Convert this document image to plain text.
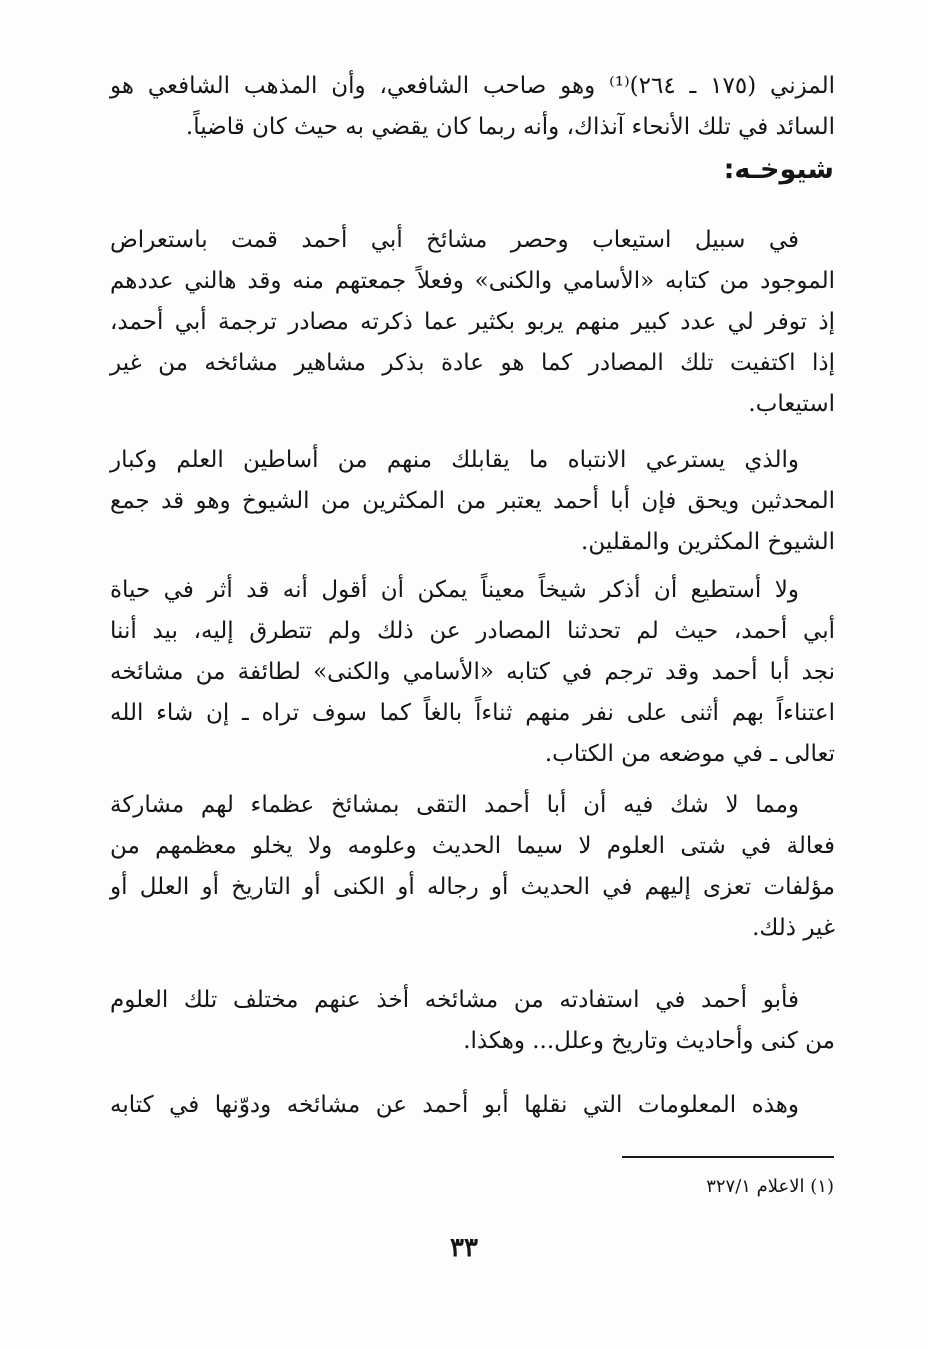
المزني (١٧٥ ـ ٢٦٤)⁽¹⁾ وهو صاحب الشافعي، وأن المذهب الشافعي هو
السائد في تلك الأنحاء آنذاك، وأنه ربما كان يقضي به حيث كان قاضياً.
شيوخـه:
في سبيل استيعاب وحصر مشائخ أبي أحمد قمت باستعراض
الموجود من كتابه «الأسامي والكنى» وفعلاً جمعتهم منه وقد هالني عددهم
إذ توفر لي عدد كبير منهم يربو بكثير عما ذكرته مصادر ترجمة أبي أحمد،
إذا اكتفيت تلك المصادر كما هو عادة بذكر مشاهير مشائخه من غير
استيعاب.
والذي يسترعي الانتباه ما يقابلك منهم من أساطين العلم وكبار
المحدثين ويحق فإن أبا أحمد يعتبر من المكثرين من الشيوخ وهو قد جمع
الشيوخ المكثرين والمقلين.
ولا أستطيع أن أذكر شيخاً معيناً يمكن أن أقول أنه قد أثر في حياة
أبي أحمد، حيث لم تحدثنا المصادر عن ذلك ولم تتطرق إليه، بيد أننا
نجد أبا أحمد وقد ترجم في كتابه «الأسامي والكنى» لطائفة من مشائخه
اعتناءاً بهم أثنى على نفر منهم ثناءاً بالغاً كما سوف تراه ـ إن شاء الله
تعالى ـ في موضعه من الكتاب.
ومما لا شك فيه أن أبا أحمد التقى بمشائخ عظماء لهم مشاركة
فعالة في شتى العلوم لا سيما الحديث وعلومه ولا يخلو معظمهم من
مؤلفات تعزى إليهم في الحديث أو رجاله أو الكنى أو التاريخ أو العلل أو
غير ذلك.
فأبو أحمد في استفادته من مشائخه أخذ عنهم مختلف تلك العلوم
من كنى وأحاديث وتاريخ وعلل... وهكذا.
وهذه المعلومات التي نقلها أبو أحمد عن مشائخه ودوّنها في كتابه
(١) الاعلام ٣٢٧/١
٣٣
